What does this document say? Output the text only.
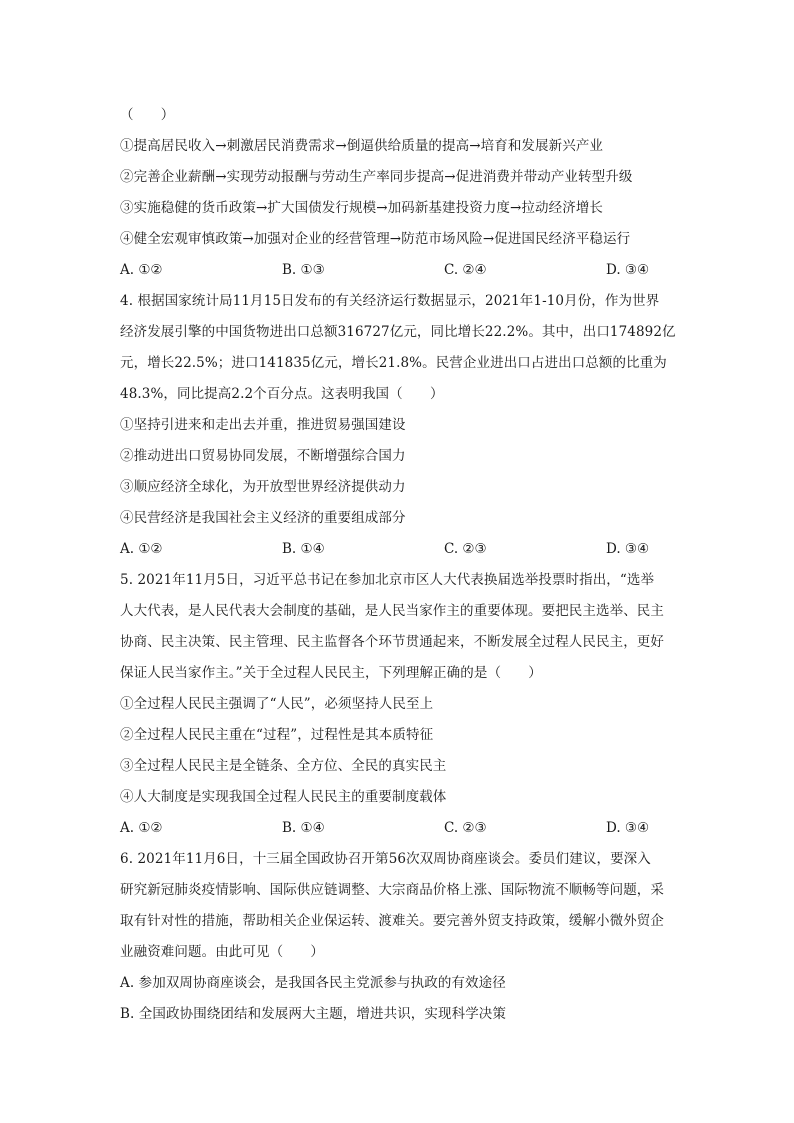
（　　）
①提高居民收入→刺激居民消费需求→倒逼供给质量的提高→培育和发展新兴产业
②完善企业薪酬→实现劳动报酬与劳动生产率同步提高→促进消费并带动产业转型升级
③实施稳健的货币政策→扩大国债发行规模→加码新基建投资力度→拉动经济增长
④健全宏观审慎政策→加强对企业的经营管理→防范市场风险→促进国民经济平稳运行
A. ①②	B. ①③	C. ②④	D. ③④
4. 根据国家统计局11月15日发布的有关经济运行数据显示，2021年1-10月份，作为世界
经济发展引擎的中国货物进出口总额316727亿元，同比增长22.2%。其中，出口174892亿
元，增长22.5%；进口141835亿元，增长21.8%。民营企业进出口占进出口总额的比重为
48.3%，同比提高2.2个百分点。这表明我国（　　）
①坚持引进来和走出去并重，推进贸易强国建设
②推动进出口贸易协同发展，不断增强综合国力
③顺应经济全球化，为开放型世界经济提供动力
④民营经济是我国社会主义经济的重要组成部分
A. ①②	B. ①④	C. ②③	D. ③④
5. 2021年11月5日，习近平总书记在参加北京市区人大代表换届选举投票时指出，“选举
人大代表，是人民代表大会制度的基础，是人民当家作主的重要体现。要把民主选举、民主
协商、民主决策、民主管理、民主监督各个环节贯通起来，不断发展全过程人民民主，更好
保证人民当家作主。”关于全过程人民民主，下列理解正确的是（　　）
①全过程人民民主强调了“人民”，必须坚持人民至上
②全过程人民民主重在“过程”，过程性是其本质特征
③全过程人民民主是全链条、全方位、全民的真实民主
④人大制度是实现我国全过程人民民主的重要制度载体
A. ①②	B. ①④	C. ②③	D. ③④
6. 2021年11月6日，十三届全国政协召开第56次双周协商座谈会。委员们建议，要深入
研究新冠肺炎疫情影响、国际供应链调整、大宗商品价格上涨、国际物流不顺畅等问题，采
取有针对性的措施，帮助相关企业保运转、渡难关。要完善外贸支持政策，缓解小微外贸企
业融资难问题。由此可见（　　）
A. 参加双周协商座谈会，是我国各民主党派参与执政的有效途径
B. 全国政协围绕团结和发展两大主题，增进共识，实现科学决策
